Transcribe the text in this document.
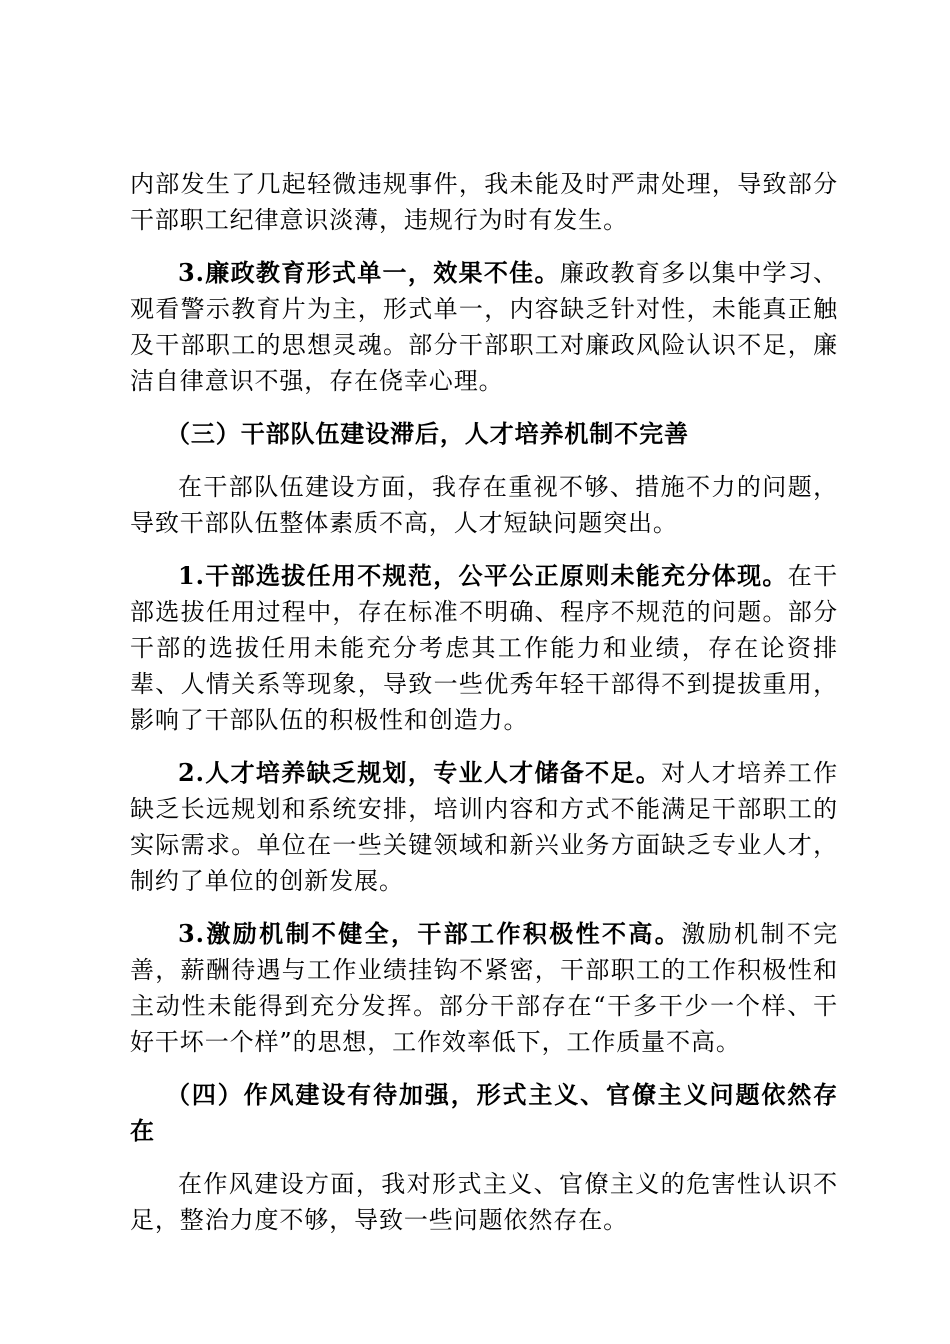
内部发生了几起轻微违规事件，我未能及时严肃处理，导致部分干部职工纪律意识淡薄，违规行为时有发生。

3.廉政教育形式单一，效果不佳。廉政教育多以集中学习、观看警示教育片为主，形式单一，内容缺乏针对性，未能真正触及干部职工的思想灵魂。部分干部职工对廉政风险认识不足，廉洁自律意识不强，存在侥幸心理。

（三）干部队伍建设滞后，人才培养机制不完善

在干部队伍建设方面，我存在重视不够、措施不力的问题，导致干部队伍整体素质不高，人才短缺问题突出。

1.干部选拔任用不规范，公平公正原则未能充分体现。在干部选拔任用过程中，存在标准不明确、程序不规范的问题。部分干部的选拔任用未能充分考虑其工作能力和业绩，存在论资排辈、人情关系等现象，导致一些优秀年轻干部得不到提拔重用，影响了干部队伍的积极性和创造力。

2.人才培养缺乏规划，专业人才储备不足。对人才培养工作缺乏长远规划和系统安排，培训内容和方式不能满足干部职工的实际需求。单位在一些关键领域和新兴业务方面缺乏专业人才，制约了单位的创新发展。

3.激励机制不健全，干部工作积极性不高。激励机制不完善，薪酬待遇与工作业绩挂钩不紧密，干部职工的工作积极性和主动性未能得到充分发挥。部分干部存在“干多干少一个样、干好干坏一个样”的思想，工作效率低下，工作质量不高。

（四）作风建设有待加强，形式主义、官僚主义问题依然存在

在作风建设方面，我对形式主义、官僚主义的危害性认识不足，整治力度不够，导致一些问题依然存在。
